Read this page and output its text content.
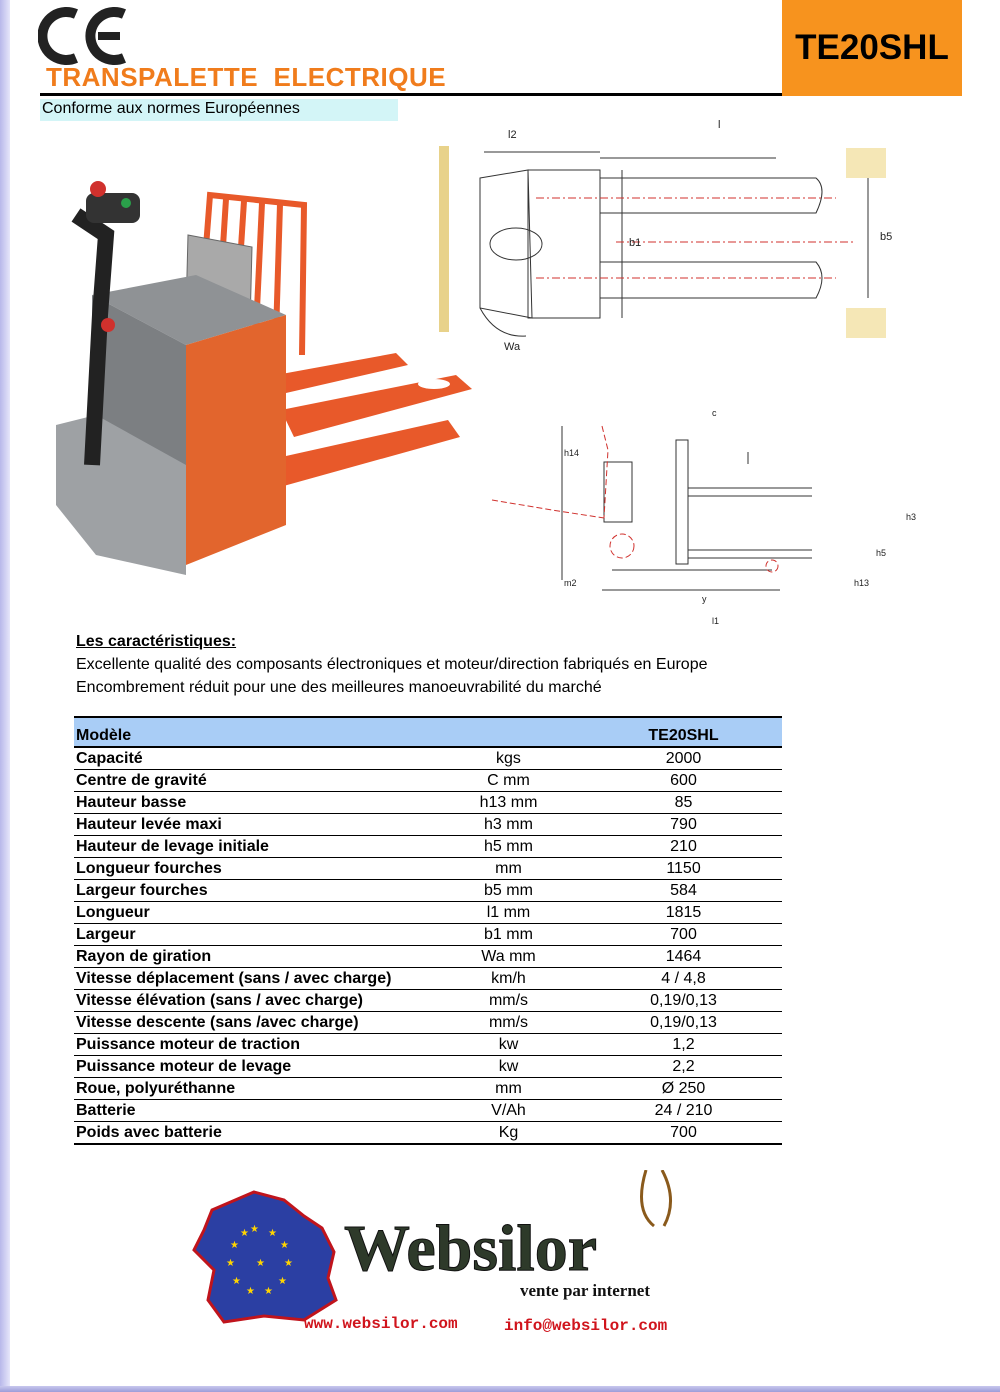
TRANSPALETTE  ELECTRIQUE
Conforme aux normes Européennes
TE20SHL
l2
l
b1	b5
Wa
h14
c
h3
h5
h13
m2
y
l1
Les caractéristiques:
Excellente qualité des composants électroniques et moteur/direction fabriqués en Europe
Encombrement réduit pour une des meilleures manoeuvrabilité du marché
Modèle		TE20SHL
Capacité	kgs	2000
Centre de gravité	C mm	600
Hauteur basse	h13 mm	85
Hauteur levée maxi	h3 mm	790
Hauteur de levage initiale	h5 mm	210
Longueur fourches	mm	1150
Largeur fourches	b5 mm	584
Longueur	l1 mm	1815
Largeur	b1 mm	700
Rayon de giration	Wa mm	1464
Vitesse déplacement (sans / avec charge)	km/h	4 / 4,8
Vitesse élévation (sans / avec charge)	mm/s	0,19/0,13
Vitesse descente (sans /avec charge)	mm/s	0,19/0,13
Puissance moteur de traction	kw	1,2
Puissance moteur de levage	kw	2,2
Roue, polyuréthanne	mm	Ø 250
Batterie	V/Ah	24 / 210
Poids avec batterie	Kg	700
★ ★
★
★
★
★
★
★
★
★
★
★ Websilor
vente par internet
www.websilor.com	info@websilor.com
